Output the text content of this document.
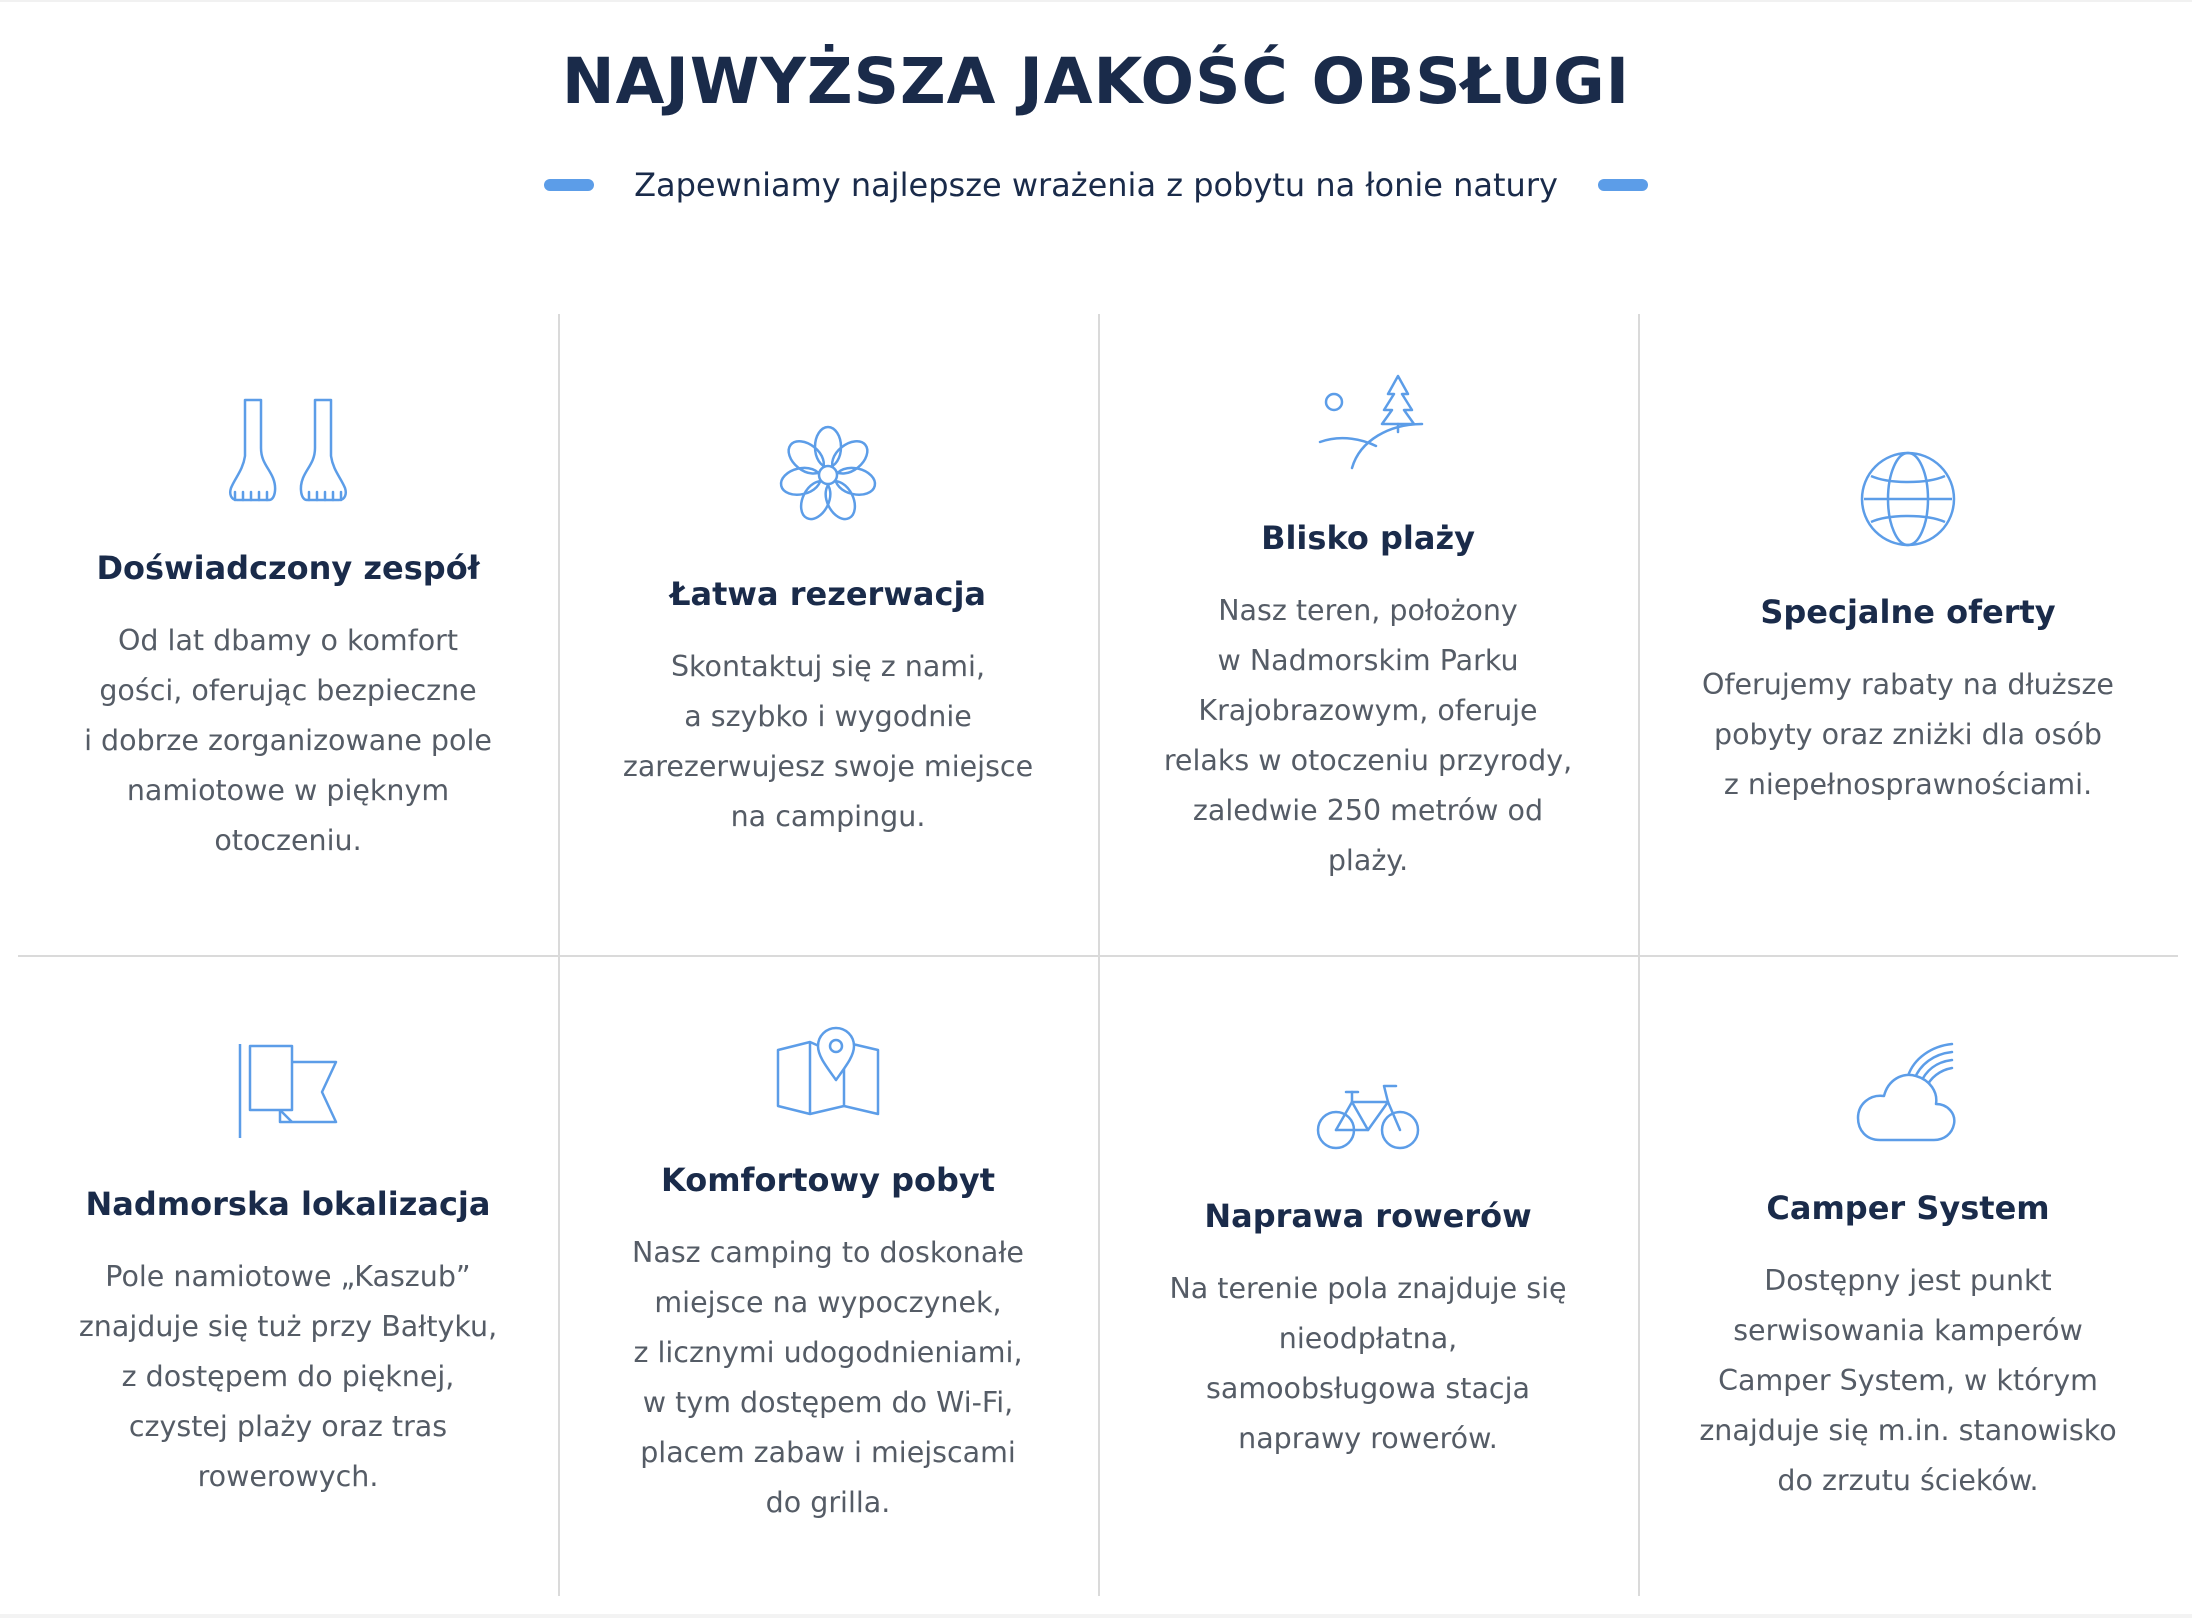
NAJWYŻSZA JAKOŚĆ OBSŁUGI
Zapewniamy najlepsze wrażenia z pobytu na łonie natury
Doświadczony zespół
Od lat dbamy o komfort
gości, oferując bezpieczne
i dobrze zorganizowane pole
namiotowe w pięknym
otoczeniu.
Łatwa rezerwacja
Skontaktuj się z nami,
a szybko i wygodnie
zarezerwujesz swoje miejsce
na campingu.
Blisko plaży
Nasz teren, położony
w Nadmorskim Parku
Krajobrazowym, oferuje
relaks w otoczeniu przyrody,
zaledwie 250 metrów od
plaży.
Specjalne oferty
Oferujemy rabaty na dłuższe
pobyty oraz zniżki dla osób
z niepełnosprawnościami.
Nadmorska lokalizacja
Pole namiotowe „Kaszub”
znajduje się tuż przy Bałtyku,
z dostępem do pięknej,
czystej plaży oraz tras
rowerowych.
Komfortowy pobyt
Nasz camping to doskonałe
miejsce na wypoczynek,
z licznymi udogodnieniami,
w tym dostępem do Wi-Fi,
placem zabaw i miejscami
do grilla.
Naprawa rowerów
Na terenie pola znajduje się
nieodpłatna,
samoobsługowa stacja
naprawy rowerów.
Camper System
Dostępny jest punkt
serwisowania kamperów
Camper System, w którym
znajduje się m.in. stanowisko
do zrzutu ścieków.
